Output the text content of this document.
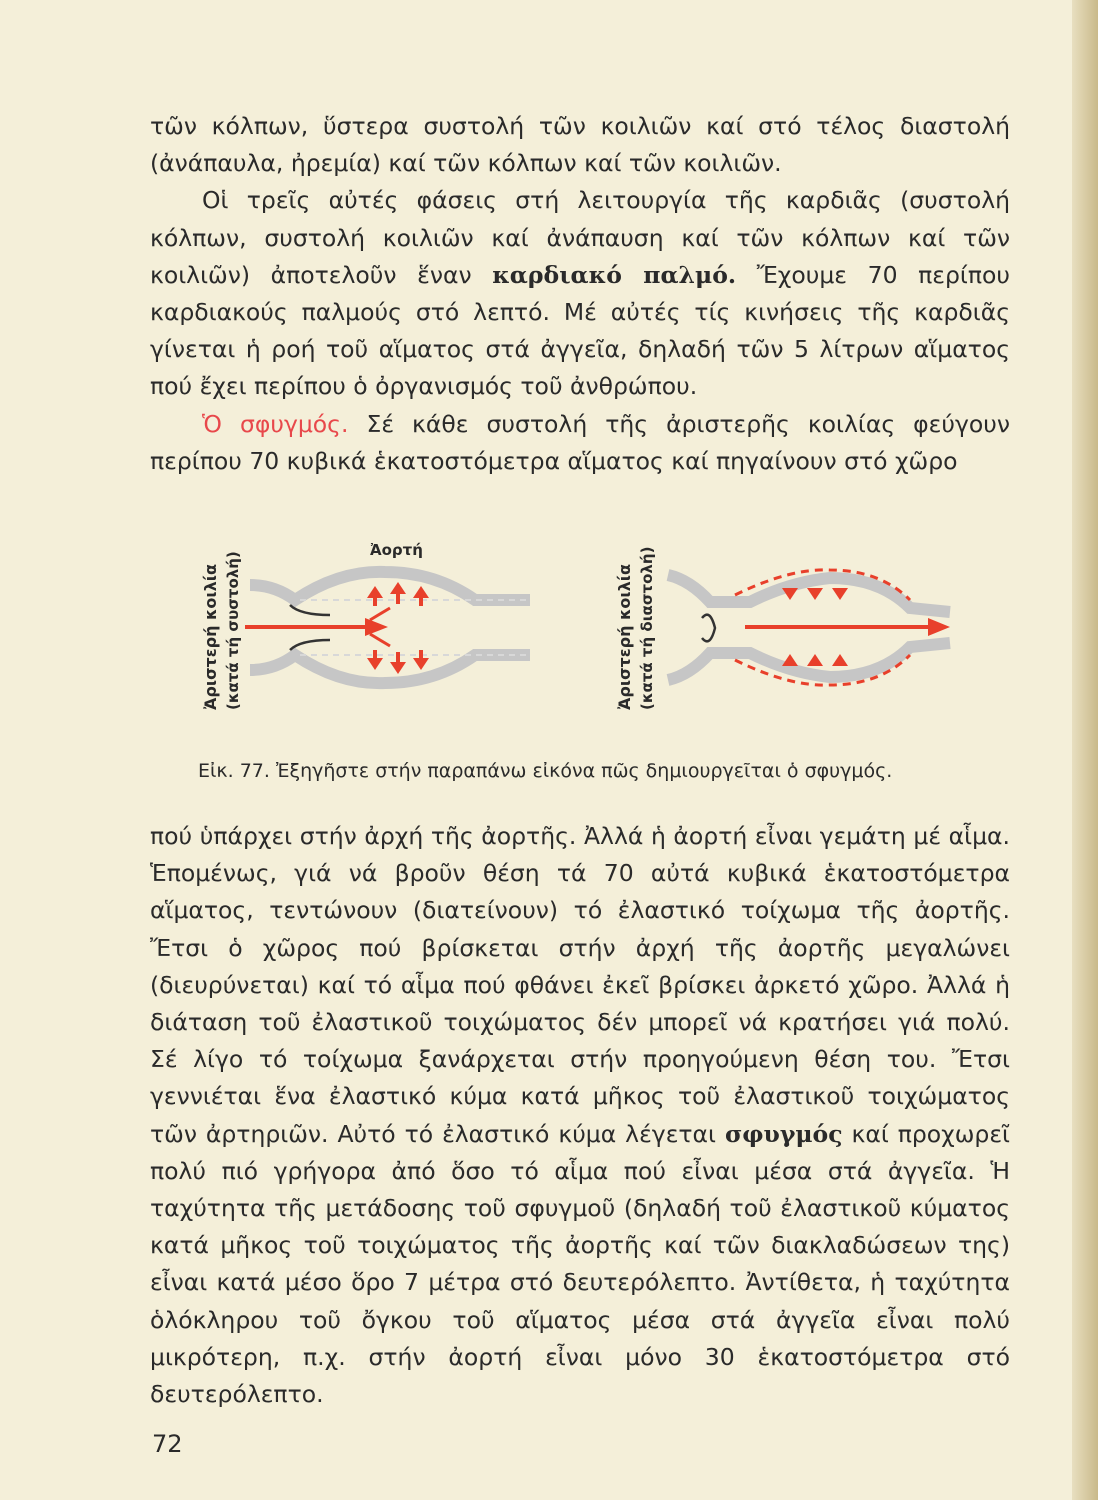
τῶν κόλπων, ὕστερα συστολή τῶν κοιλιῶν καί στό τέλος διαστολή (ἀνάπαυλα, ἠρεμία) καί τῶν κόλπων καί τῶν κοιλιῶν.

Οἱ τρεῖς αὐτές φάσεις στή λειτουργία τῆς καρδιᾶς (συστολή κόλπων, συστολή κοιλιῶν καί ἀνάπαυση καί τῶν κόλπων καί τῶν κοιλιῶν) ἀποτελοῦν ἕναν καρδιακό παλμό. Ἔχουμε 70 περίπου καρδιακούς παλμούς στό λεπτό. Μέ αὐτές τίς κινήσεις τῆς καρδιᾶς γίνεται ἡ ροή τοῦ αἵματος στά ἀγγεῖα, δηλαδή τῶν 5 λίτρων αἵματος πού ἔχει περίπου ὁ ὀργανισμός τοῦ ἀνθρώπου.

Ὁ σφυγμός. Σέ κάθε συστολή τῆς ἀριστερῆς κοιλίας φεύγουν περίπου 70 κυβικά ἑκατοστόμετρα αἵματος καί πηγαίνουν στό χῶρο

Ἀριστερή κοιλία (κατά τή συστολή)
Ἀορτή
Ἀριστερή κοιλία (κατά τή διαστολή)
Εἰκ. 77. Ἐξηγῆστε στήν παραπάνω εἰκόνα πῶς δημιουργεῖται ὁ σφυγμός.

πού ὑπάρχει στήν ἀρχή τῆς ἀορτῆς. Ἀλλά ἡ ἀορτή εἶναι γεμάτη μέ αἷμα. Ἑπομένως, γιά νά βροῦν θέση τά 70 αὐτά κυβικά ἑκατοστόμετρα αἵματος, τεντώνουν (διατείνουν) τό ἐλαστικό τοίχωμα τῆς ἀορτῆς. Ἔτσι ὁ χῶρος πού βρίσκεται στήν ἀρχή τῆς ἀορτῆς μεγαλώνει (διευρύνεται) καί τό αἷμα πού φθάνει ἐκεῖ βρίσκει ἀρκετό χῶρο. Ἀλλά ἡ διάταση τοῦ ἐλαστικοῦ τοιχώματος δέν μπορεῖ νά κρατήσει γιά πολύ. Σέ λίγο τό τοίχωμα ξανάρχεται στήν προηγούμενη θέση του. Ἔτσι γεννιέται ἕνα ἐλαστικό κύμα κατά μῆκος τοῦ ἐλαστικοῦ τοιχώματος τῶν ἀρτηριῶν. Αὐτό τό ἐλαστικό κύμα λέγεται σφυγμός καί προχωρεῖ πολύ πιό γρήγορα ἀπό ὅσο τό αἷμα πού εἶναι μέσα στά ἀγγεῖα. Ἡ ταχύτητα τῆς μετάδοσης τοῦ σφυγμοῦ (δηλαδή τοῦ ἐλαστικοῦ κύματος κατά μῆκος τοῦ τοιχώματος τῆς ἀορτῆς καί τῶν διακλαδώσεων της) εἶναι κατά μέσο ὅρο 7 μέτρα στό δευτερόλεπτο. Ἀντίθετα, ἡ ταχύτητα ὁλόκληρου τοῦ ὄγκου τοῦ αἵματος μέσα στά ἀγγεῖα εἶναι πολύ μικρότερη, π.χ. στήν ἀορτή εἶναι μόνο 30 ἑκατοστόμετρα στό δευτερόλεπτο.

72
